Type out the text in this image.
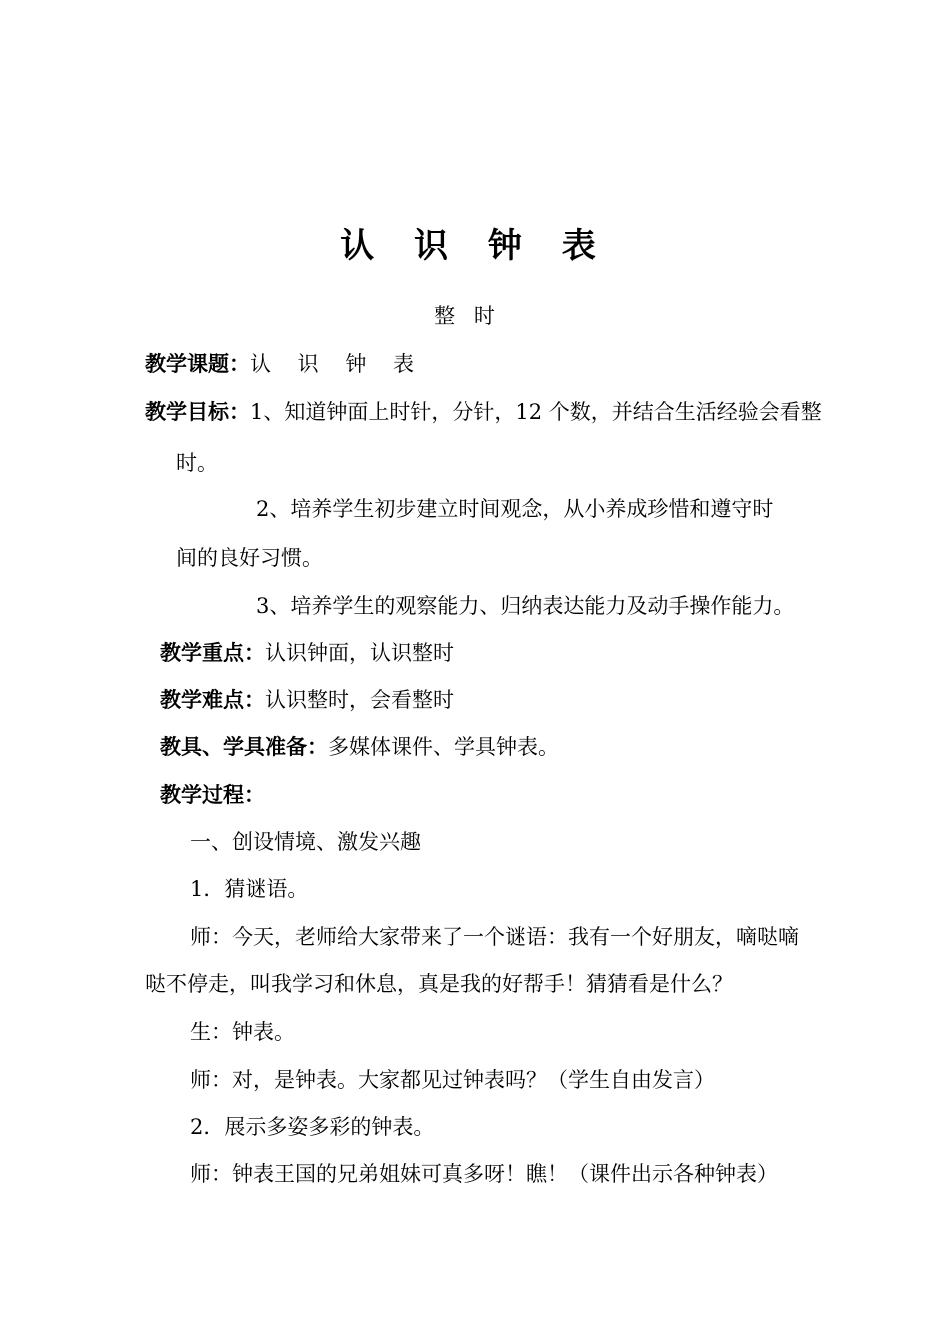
认 识 钟 表
整 时
教学课题：认 识 钟 表
教学目标：1、知道钟面上时针，分针，12 个数，并结合生活经验会看整
时。
2、培养学生初步建立时间观念，从小养成珍惜和遵守时
间的良好习惯。
3、培养学生的观察能力、归纳表达能力及动手操作能力。
教学重点：认识钟面，认识整时
教学难点：认识整时，会看整时
教具、学具准备：多媒体课件、学具钟表。
教学过程：
一、创设情境、激发兴趣
1．猜谜语。
师：今天，老师给大家带来了一个谜语：我有一个好朋友，嘀哒嘀
哒不停走，叫我学习和休息，真是我的好帮手！猜猜看是什么？
生：钟表。
师：对，是钟表。大家都见过钟表吗？（学生自由发言）
2．展示多姿多彩的钟表。
师：钟表王国的兄弟姐妹可真多呀！瞧！（课件出示各种钟表）
